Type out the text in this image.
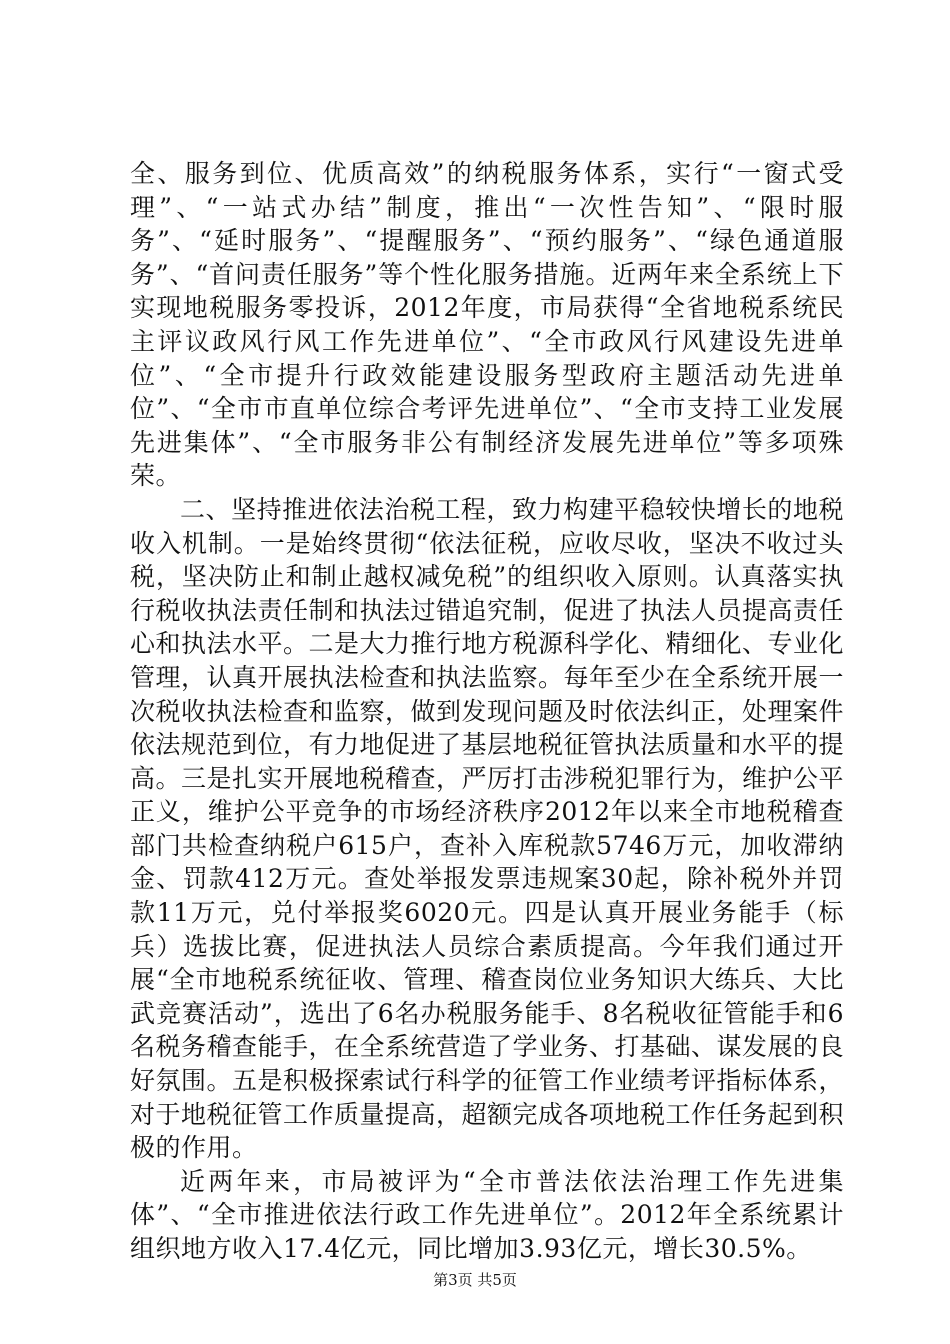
全、服务到位、优质高效”的纳税服务体系，实行“一窗式受理”、“一站式办结”制度，推出“一次性告知”、“限时服务”、“延时服务”、“提醒服务”、“预约服务”、“绿色通道服务”、“首问责任服务”等个性化服务措施。近两年来全系统上下实现地税服务零投诉，2012年度，市局获得“全省地税系统民主评议政风行风工作先进单位”、“全市政风行风建设先进单位”、“全市提升行政效能建设服务型政府主题活动先进单位”、“全市市直单位综合考评先进单位”、“全市支持工业发展先进集体”、“全市服务非公有制经济发展先进单位”等多项殊荣。

二、坚持推进依法治税工程，致力构建平稳较快增长的地税收入机制。一是始终贯彻“依法征税，应收尽收，坚决不收过头税，坚决防止和制止越权减免税”的组织收入原则。认真落实执行税收执法责任制和执法过错追究制，促进了执法人员提高责任心和执法水平。二是大力推行地方税源科学化、精细化、专业化管理，认真开展执法检查和执法监察。每年至少在全系统开展一次税收执法检查和监察，做到发现问题及时依法纠正，处理案件依法规范到位，有力地促进了基层地税征管执法质量和水平的提高。三是扎实开展地税稽查，严厉打击涉税犯罪行为，维护公平正义，维护公平竞争的市场经济秩序2012年以来全市地税稽查部门共检查纳税户615户，查补入库税款5746万元，加收滞纳金、罚款412万元。查处举报发票违规案30起，除补税外并罚款11万元，兑付举报奖6020元。四是认真开展业务能手（标兵）选拔比赛，促进执法人员综合素质提高。今年我们通过开展“全市地税系统征收、管理、稽查岗位业务知识大练兵、大比武竞赛活动”，选出了6名办税服务能手、8名税收征管能手和6名税务稽查能手，在全系统营造了学业务、打基础、谋发展的良好氛围。五是积极探索试行科学的征管工作业绩考评指标体系，对于地税征管工作质量提高，超额完成各项地税工作任务起到积极的作用。

近两年来，市局被评为“全市普法依法治理工作先进集体”、“全市推进依法行政工作先进单位”。2012年全系统累计组织地方收入17.4亿元，同比增加3.93亿元，增长30.5%。

第3页 共5页
